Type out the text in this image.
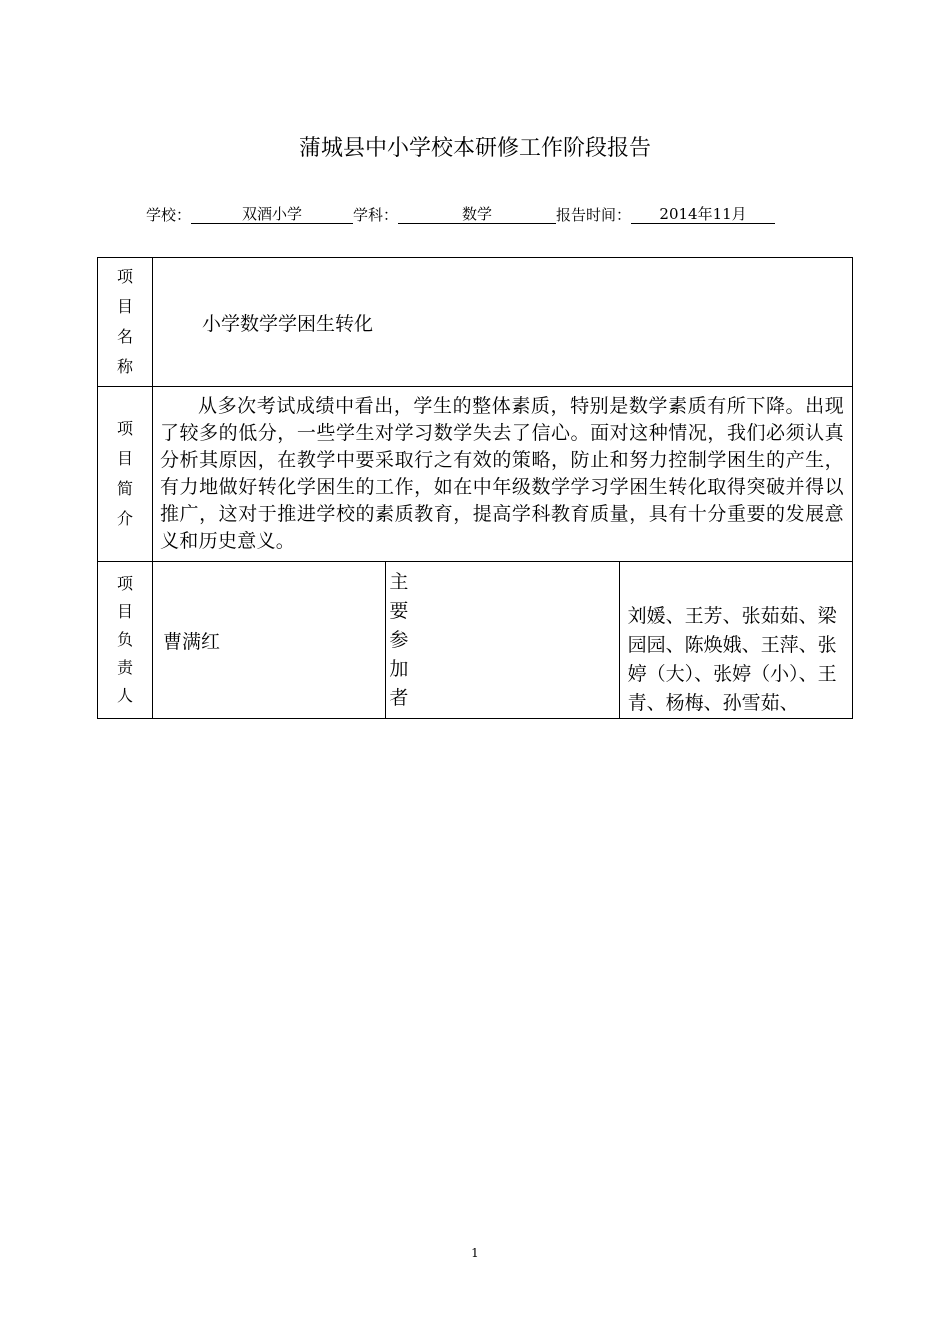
蒲城县中小学校本研修工作阶段报告
学校：	双酒小学	学科：	数学	报告时间： 2014年11月
项
目
名
称	小学数学学困生转化		

项
目
简
介	从多次考试成绩中看出，学生的整体素质，特别是数学素质有所下降。出现了较多的低分，一些学生对学习数学失去了信心。面对这种情况，我们必须认真分析其原因，在教学中要采取行之有效的策略，防止和努力控制学困生的产生，有力地做好转化学困生的工作，如在中年级数学学习学困生转化取得突破并得以推广，这对于推进学校的素质教育，提高学科教育质量，具有十分重要的发展意义和历史意义。		

项
目
负
责
人	曹满红	主
要
参
加
者	刘媛、王芳、张茹茹、梁园园、陈焕娥、王萍、张婷（大）、张婷（小）、王青、杨梅、孙雪茹、
1
